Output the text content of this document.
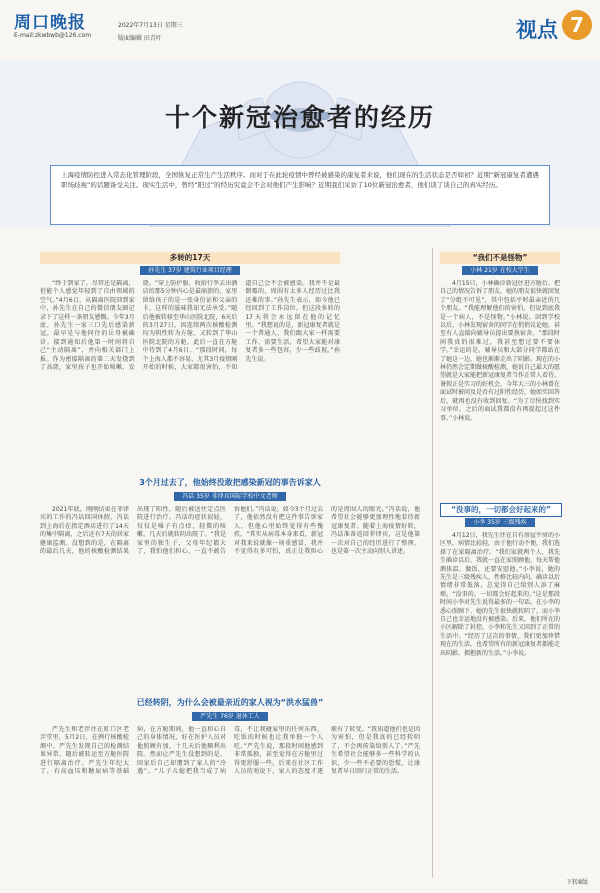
周口晚报
E-mail:zkwbwb@126.com
2022年7月13日 星期三
版面编辑 田青叶	视点 7
十个新冠治愈者的经历
上海疫情防控进入常态化管理阶段，全国恢复正常生产生活秩序。而对于在此轮疫情中曾经被感染的康复者来说，他们现在的生活状态是否如初？近期“新冠康复者遭遇职场歧视”的话题备受关注。现实生活中，曾经“阳过”的经历究竟会不会对他们产生影响？近期我们采访了10位新冠治愈者，他们谈了谈自己的真实经历。
多转的17天
孙先生 37岁 建筑行业项目经理

“终于到家了，尽管还是隔离，但能个人感觉年轻到了自由领域的空气。”4月6日，从隔离医院回到家中，孙先生在自己的微信朋友圈记录下了这样一条朋友感慨。今年3月底，孙先生一家三口先后感染新冠，最早是与他同住的岳母被确诊。接到通知后他第一时间将自己“主动隔离”，并向相关部门上报。作为密接隔离的第二天发烧到了高烧，家里孩子也开始咳嗽、发烧。“穿上防护服，收拾行李去出酒店的那5分钟内心是最崩溃的，家里留给孩子的是一张身份证和父亲的卡，这样的滋味我却无法承受。”随后他被转移至华山医院北院，6天后的3月27日，因连续两次核酸检测均为阴性转为方舱，又转到了华山医院北院的方舱，此后一直在方舱中待到了4月6日。“那段时间，每个上海人都不容易，尤其3月疫情刚开始的时候，大家都很害怕，不知道自己会不会被感染。我并不是最倒霉的，周围有太多人经历过比我还难的事。”孙先生表示，如今他已经回到了工作岗位，但这段多转的17天将会永远留在他的记忆里。“我想说的是，新冠康复者就是一个普通人，我们跟大家一样需要工作、需要生活，希望大家能对康复者多一些包容，少一些歧视。”孙先生说。

“我们不是怪物”
小林 21岁 在校大学生

4月15日，小林确诊新冠住进方舱后，把自己的情况告诉了朋友，她的朋友很快就回复了“分组不可见”，其中包括平时最亲近的几个朋友。“我能理解他们的害怕，但说到底我是一个病人，不是怪物。”小林说。回到学校以后，小林发现宿舍的同学在悄悄议论她，甚至有人直接向辅导员提出要换宿舍。“那段时间我真的很难过，我甚至想过要不要休学。”幸运的是，辅导员和大部分同学都站在了她这一边，她也渐渐走出了阴影。现在的小林仍然会定期做核酸检测，她说自己最大的愿望就是大家能把新冠康复者当作正常人看待。暑假正是实习的好机会，今年大三的小林曾在面试时被问及是否有过阳性经历，她如实回答后，就再也没有收到回复。“为了尽快找到实习单位，之后的面试我都没有再提起过这件事。”小林说。

3个月过去了，他始终没敢把感染新冠的事告诉家人
冯话 35岁 非律宾国际学校中文老师

2021年底，刚刚结束在菲律宾的工作的冯话回国休假，冯话到上海后在指定酒店进行了14天的集中隔离，之后还有7天的居家健康监测。没想到的是，在隔离的最后几天，他的核酸检测结果出现了阳性，随后被送往定点医院进行治疗。冯话的症状很轻，仅仅是嗓子有点痒，轻微的咳嗽，几天后就转阴出院了。“我是家里的独生子，父母年纪都大了，我怕他们担心，一直不敢告诉他们。”冯话说。如今3个月过去了，他依然没有把这件事告诉家人，但他心里始终觉得有些愧疚。“其实从病毒本身来看，新冠对我来说就像一场重感冒，我并不觉得有多可怕，真正让我担心的是周围人的眼光。”冯话说，他希望社会能够更加理性地看待新冠康复者。随着上海疫情好转，冯话准备返回菲律宾，这是他第一次对自己的经历进行了整理，也是第一次主动向别人讲述。

已经转阴，为什么会被最亲近的家人视为“洪水猛兽”
严先生 76岁 退休工人

严先生和老伴住在虹口区老弄堂里，5月2日，在例行核酸检测中，严先生发现自己的检测结果异常，随后被转运至方舱医院进行隔离治疗。严先生年纪大了，有高血压和糖尿病等基础病，在方舱期间，他一直担心自己的身体情况，好在医护人员对他照顾有加，十几天后他顺利出院。然而让严先生没想到的是，回家后自己却遭到了家人的“冷遇”。“儿子儿媳把我当成了病毒，不让我碰家里的任何东西，吃饭的时候也让我单独一个人吃。”严先生说，那段时间他感到非常孤独，甚至觉得在方舱里过得更舒服一些。后来在社区工作人员的劝说下，家人的态度才逐渐有了转变。“我知道他们也是因为害怕，但是我真的已经转阴了，不会再传染给别人了。”严先生希望社会能够多一些科学的认识，少一些不必要的恐慌，让康复者早日回归正常的生活。

“没事的，一切都会好起来的”
小李 35岁 三级残疾

4月12日，我先生住在自有房屋平房的小区里，病情比较轻，由于他行动不便，我们选择了在家隔离治疗。“我们家就两个人，我先生确诊以后，我就一直在家照顾他，每天帮他测体温、做饭，还要安慰他。”小李说，她的先生是三级残疾人，性格比较内向，确诊以后情绪非常低落，总觉得自己给别人添了麻烦。“没事的，一切都会好起来的。”这是那段时间小李对先生说得最多的一句话。在小李的悉心照顾下，她的先生很快就转阴了，而小李自己也幸运地没有被感染。后来，他们所在的小区解除了封控，小李和先生又回到了正常的生活中。“经历了这次的事情，我们更加珍惜现在的生活，也希望所有的新冠康复者都能走出阴影，拥抱新的生活。”小李说。

下转8版
